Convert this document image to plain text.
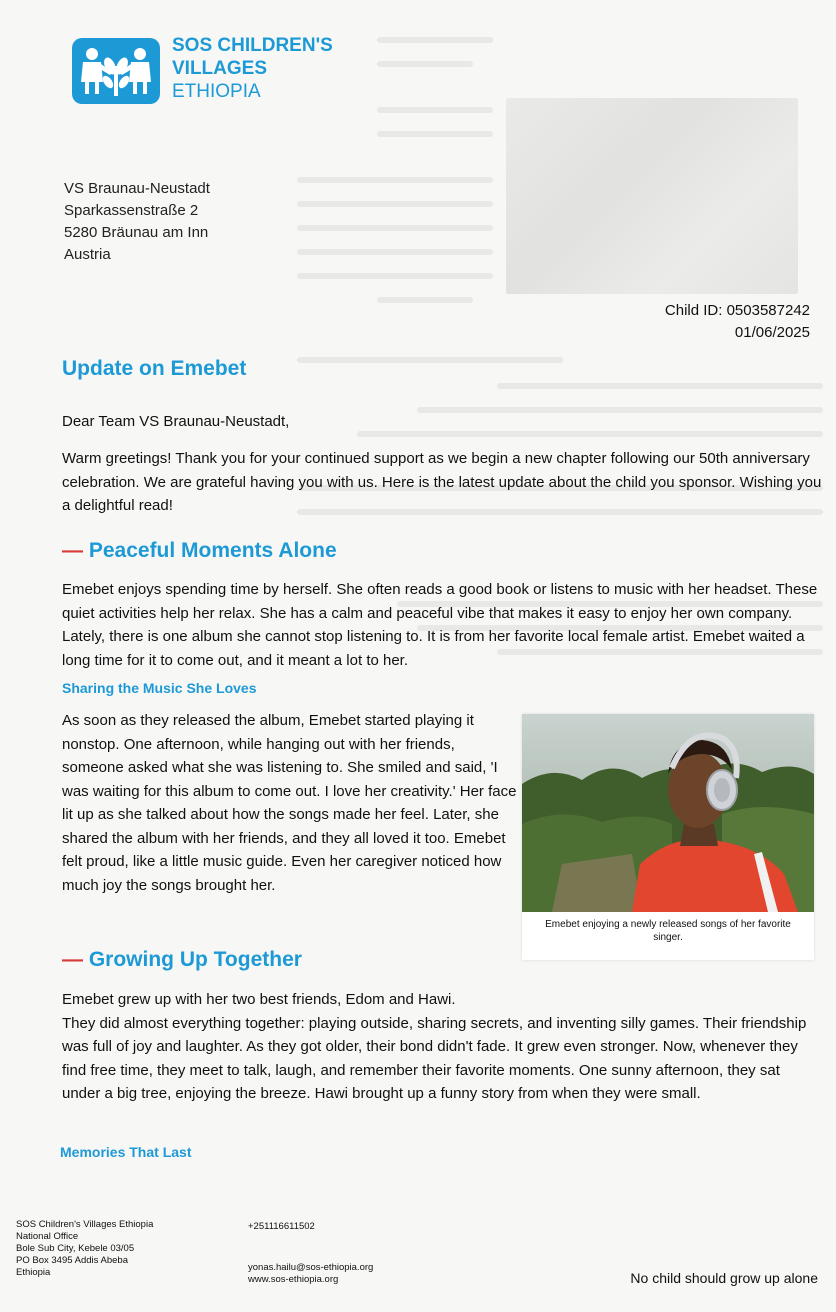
SOS CHILDREN'S
VILLAGES
ETHIOPIA
VS Braunau-Neustadt
Sparkassenstraße 2
5280 Bräunau am Inn
Austria
Child ID: 0503587242
01/06/2025
Update on Emebet
Dear Team VS Braunau-Neustadt,
Warm greetings! Thank you for your continued support as we begin a new chapter following our 50th anniversary celebration. We are grateful having you with us. Here is the latest update about the child you sponsor. Wishing you a delightful read!
— Peaceful Moments Alone
Emebet enjoys spending time by herself. She often reads a good book or listens to music with her headset. These quiet activities help her relax. She has a calm and peaceful vibe that makes it easy to enjoy her own company. Lately, there is one album she cannot stop listening to. It is from her favorite local female artist. Emebet waited a long time for it to come out, and it meant a lot to her.
Sharing the Music She Loves
As soon as they released the album, Emebet started playing it nonstop. One afternoon, while hanging out with her friends, someone asked what she was listening to. She smiled and said, 'I was waiting for this album to come out. I love her creativity.' Her face lit up as she talked about how the songs made her feel. Later, she shared the album with her friends, and they all loved it too. Emebet felt proud, like a little music guide. Even her caregiver noticed how much joy the songs brought her.
Emebet enjoying a newly released songs of her favorite singer.
— Growing Up Together
Emebet grew up with her two best friends, Edom and Hawi.
They did almost everything together: playing outside, sharing secrets, and inventing silly games. Their friendship was full of joy and laughter. As they got older, their bond didn't fade. It grew even stronger. Now, whenever they find free time, they meet to talk, laugh, and remember their favorite moments. One sunny afternoon, they sat under a big tree, enjoying the breeze. Hawi brought up a funny story from when they were small.
Memories That Last
SOS Children's Villages Ethiopia
National Office
Bole Sub City, Kebele 03/05
PO Box 3495 Addis Abeba
Ethiopia
+251116611502
yonas.hailu@sos-ethiopia.org
www.sos-ethiopia.org	No child should grow up alone
